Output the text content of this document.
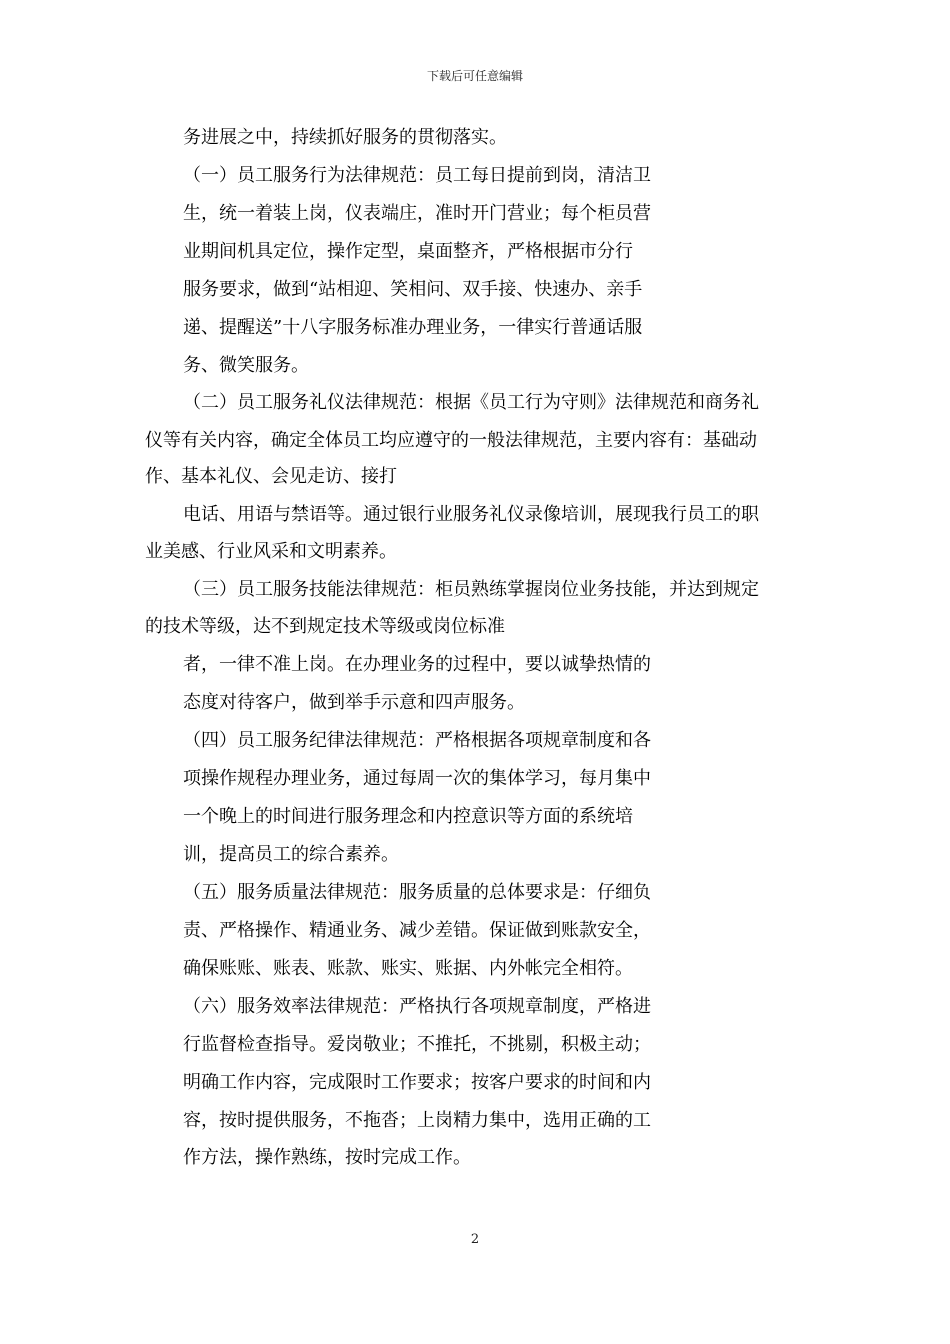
下载后可任意编辑
务进展之中，持续抓好服务的贯彻落实。
（一）员工服务行为法律规范：员工每日提前到岗，清洁卫
生，统一着装上岗，仪表端庄，准时开门营业；每个柜员营
业期间机具定位，操作定型，桌面整齐，严格根据市分行
服务要求，做到“站相迎、笑相问、双手接、快速办、亲手
递、提醒送”十八字服务标准办理业务，一律实行普通话服
务、微笑服务。
（二）员工服务礼仪法律规范：根据《员工行为守则》法律规范和商务礼
仪等有关内容，确定全体员工均应遵守的一般法律规范，主要内容有：基础动
作、基本礼仪、会见走访、接打
电话、用语与禁语等。通过银行业服务礼仪录像培训，展现我行员工的职
业美感、行业风采和文明素养。
（三）员工服务技能法律规范：柜员熟练掌握岗位业务技能，并达到规定
的技术等级，达不到规定技术等级或岗位标准
者，一律不准上岗。在办理业务的过程中，要以诚挚热情的
态度对待客户，做到举手示意和四声服务。
（四）员工服务纪律法律规范：严格根据各项规章制度和各
项操作规程办理业务，通过每周一次的集体学习，每月集中
一个晚上的时间进行服务理念和内控意识等方面的系统培
训，提高员工的综合素养。
（五）服务质量法律规范：服务质量的总体要求是：仔细负
责、严格操作、精通业务、减少差错。保证做到账款安全，
确保账账、账表、账款、账实、账据、内外帐完全相符。
（六）服务效率法律规范：严格执行各项规章制度，严格进
行监督检查指导。爱岗敬业；不推托，不挑剔，积极主动；
明确工作内容，完成限时工作要求；按客户要求的时间和内
容，按时提供服务，不拖沓；上岗精力集中，选用正确的工
作方法，操作熟练，按时完成工作。
2
